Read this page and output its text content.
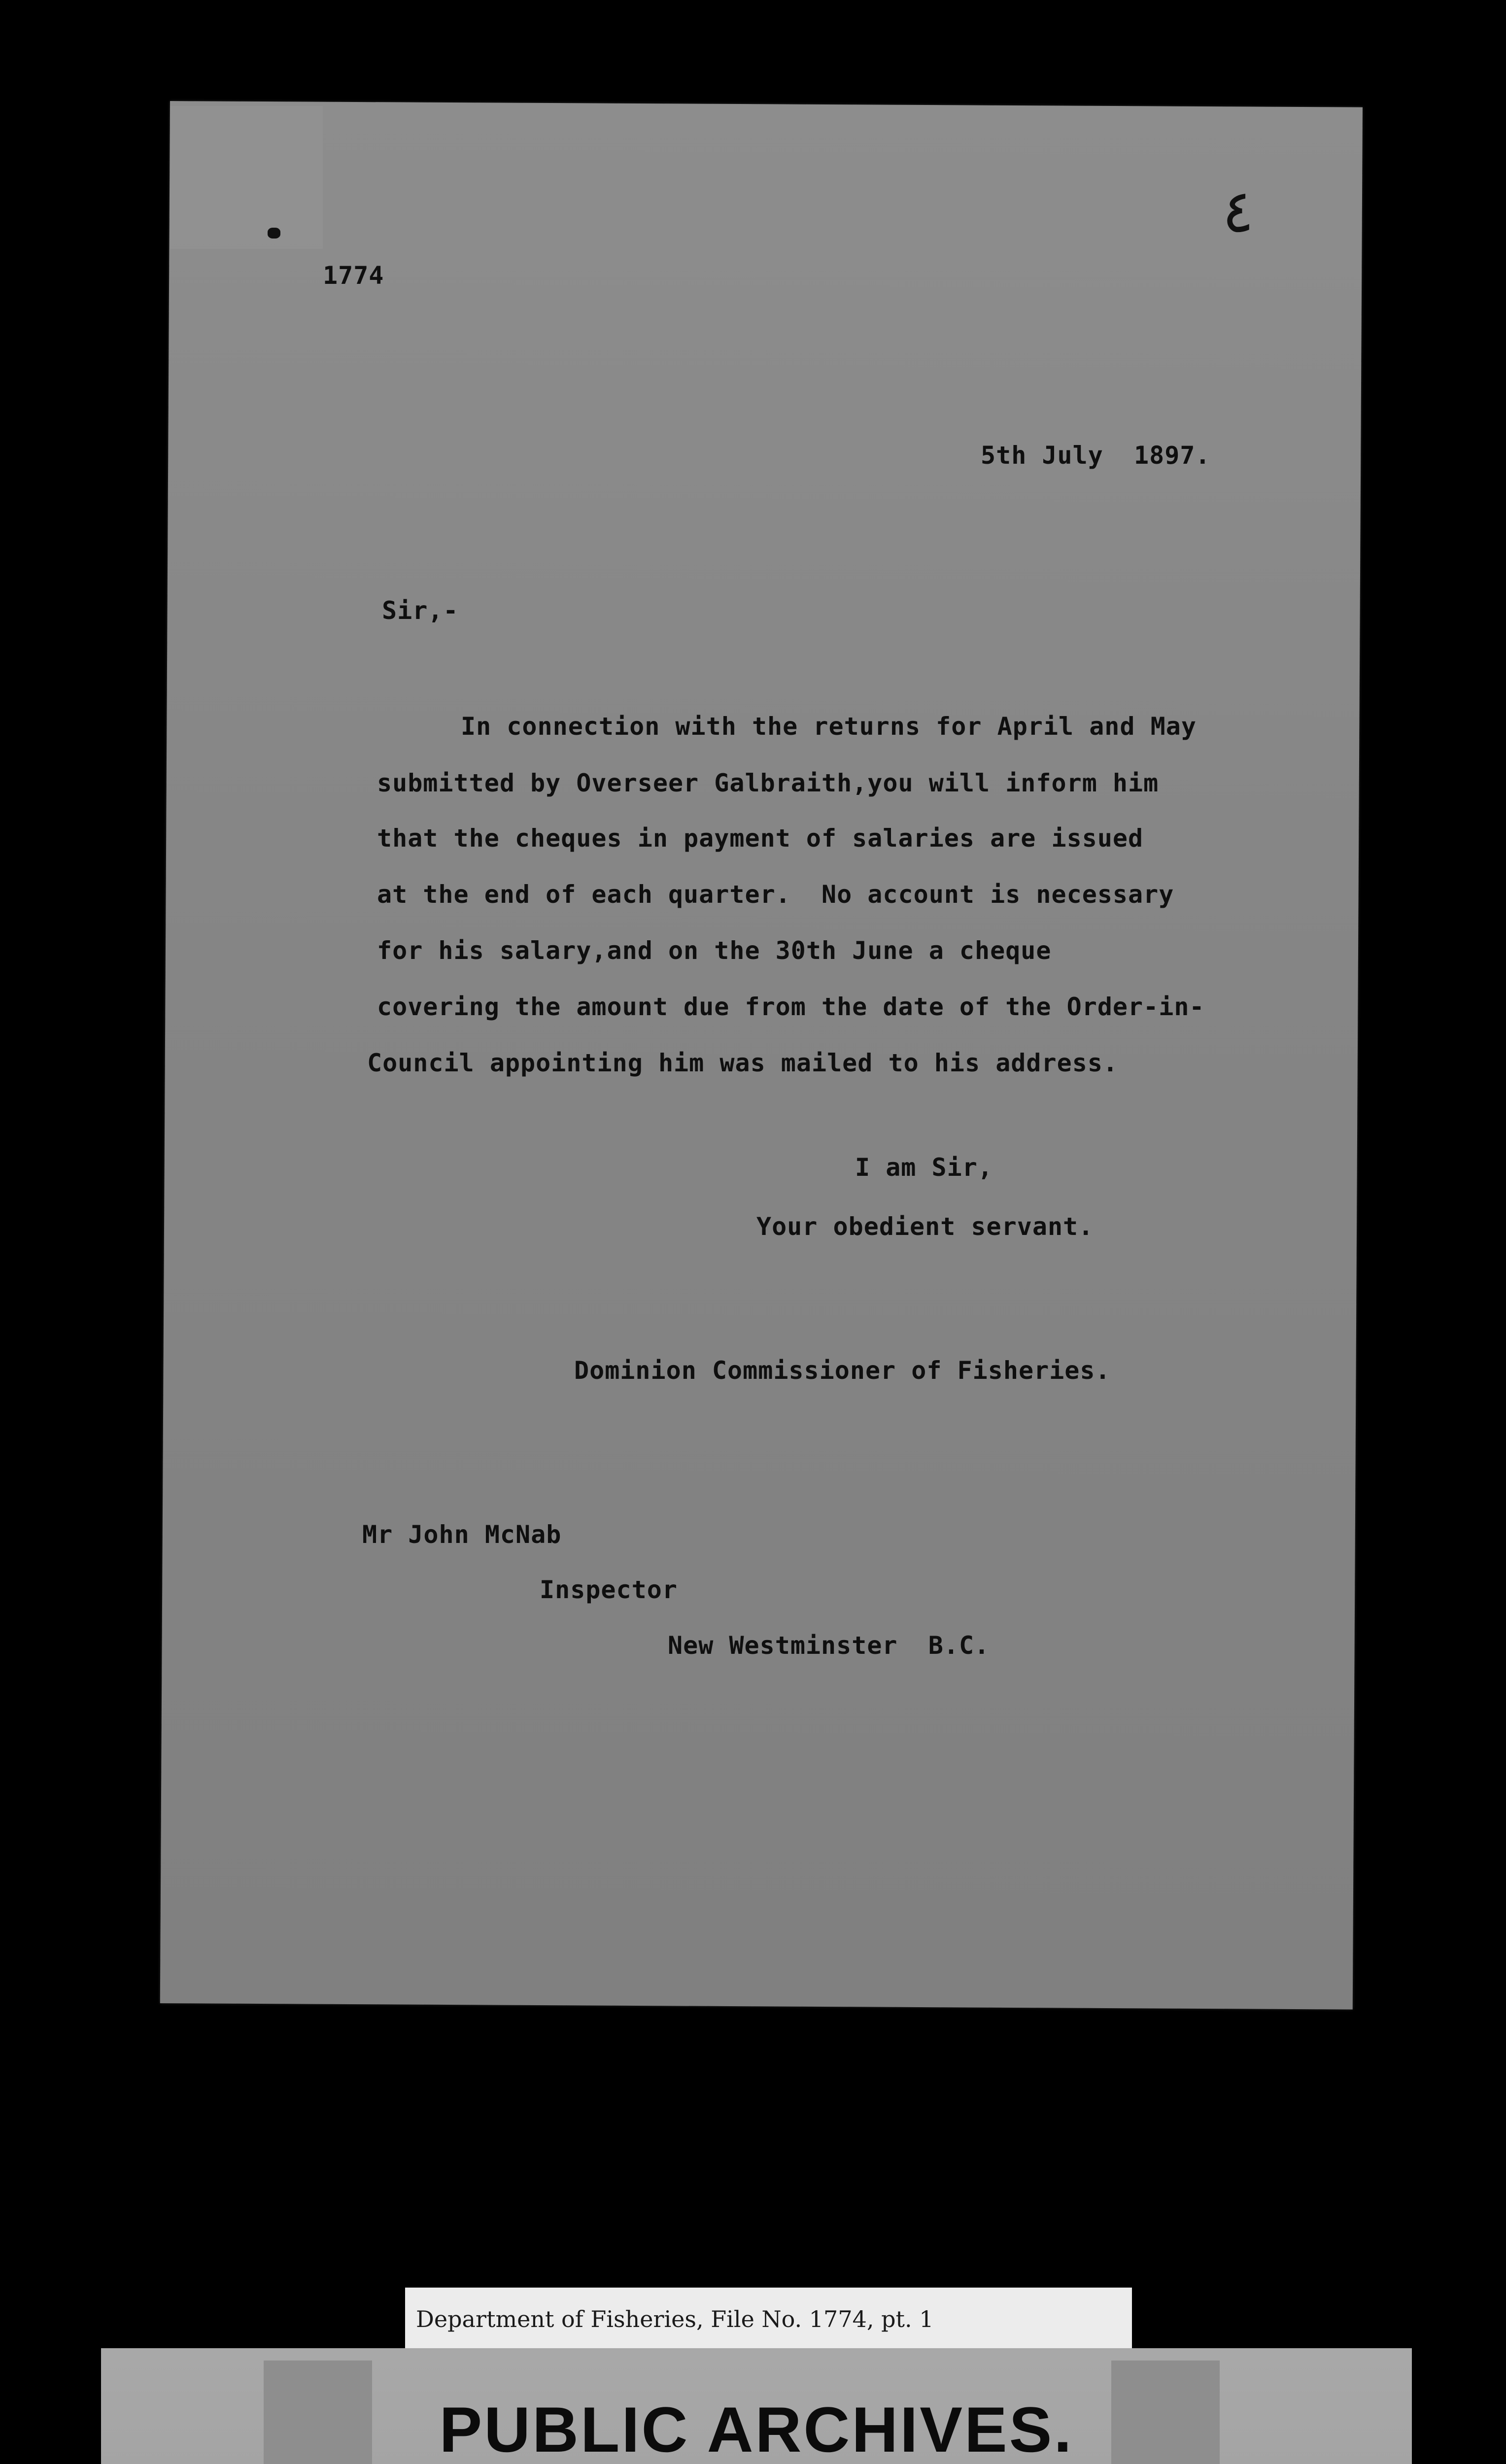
1774
٤
5th July  1897.
Sir,-
In connection with the returns for April and May
submitted by Overseer Galbraith,you will inform him
that the cheques in payment of salaries are issued
at the end of each quarter.  No account is necessary
for his salary,and on the 30th June a cheque
covering the amount due from the date of the Order-in-
Council appointing him was mailed to his address.
I am Sir,
Your obedient servant.
Dominion Commissioner of Fisheries.
Mr John McNab
Inspector
New Westminster  B.C.
Department of Fisheries, File No. 1774, pt. 1
PUBLIC ARCHIVES.
